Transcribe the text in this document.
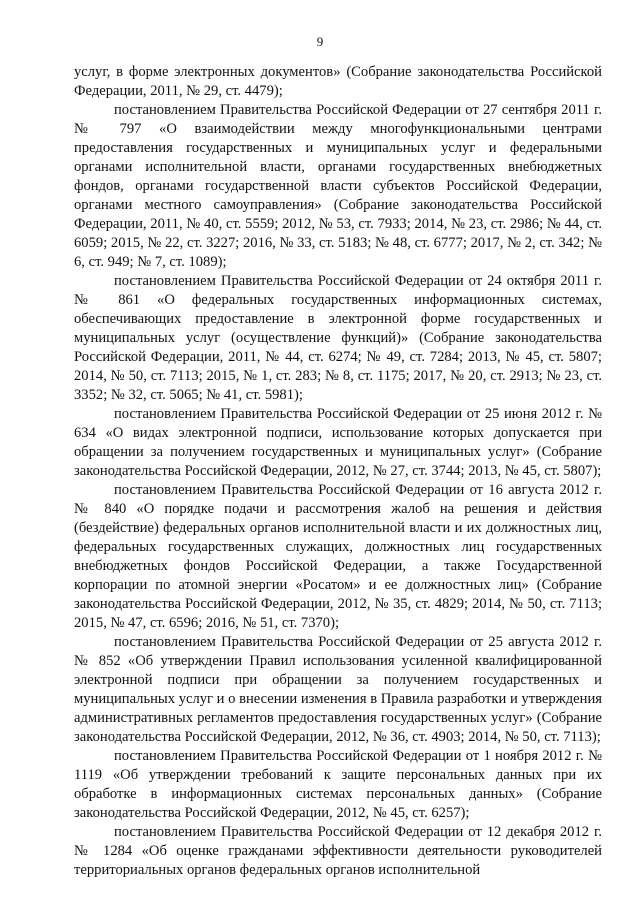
9

услуг, в форме электронных документов» (Собрание законодательства Российской Федерации, 2011, № 29, ст. 4479);

постановлением Правительства Российской Федерации от 27 сентября 2011 г. № 797 «О взаимодействии между многофункциональными центрами предоставления государственных и муниципальных услуг и федеральными органами исполнительной власти, органами государственных внебюджетных фондов, органами государственной власти субъектов Российской Федерации, органами местного самоуправления» (Собрание законодательства Российской Федерации, 2011, № 40, ст. 5559; 2012, № 53, ст. 7933; 2014, № 23, ст. 2986; № 44, ст. 6059; 2015, № 22, ст. 3227; 2016, № 33, ст. 5183; № 48, ст. 6777; 2017, № 2, ст. 342; № 6, ст. 949; № 7, ст. 1089);

постановлением Правительства Российской Федерации от 24 октября 2011 г. № 861 «О федеральных государственных информационных системах, обеспечивающих предоставление в электронной форме государственных и муниципальных услуг (осуществление функций)» (Собрание законодательства Российской Федерации, 2011, № 44, ст. 6274; № 49, ст. 7284; 2013, № 45, ст. 5807; 2014, № 50, ст. 7113; 2015, № 1, ст. 283; № 8, ст. 1175; 2017, № 20, ст. 2913; № 23, ст. 3352; № 32, ст. 5065; № 41, ст. 5981);

постановлением Правительства Российской Федерации от 25 июня 2012 г. № 634 «О видах электронной подписи, использование которых допускается при обращении за получением государственных и муниципальных услуг» (Собрание законодательства Российской Федерации, 2012, № 27, ст. 3744; 2013, № 45, ст. 5807);

постановлением Правительства Российской Федерации от 16 августа 2012 г. № 840 «О порядке подачи и рассмотрения жалоб на решения и действия (бездействие) федеральных органов исполнительной власти и их должностных лиц, федеральных государственных служащих, должностных лиц государственных внебюджетных фондов Российской Федерации, а также Государственной корпорации по атомной энергии «Росатом» и ее должностных лиц» (Собрание законодательства Российской Федерации, 2012, № 35, ст. 4829; 2014, № 50, ст. 7113; 2015, № 47, ст. 6596; 2016, № 51, ст. 7370);

постановлением Правительства Российской Федерации от 25 августа 2012 г. № 852 «Об утверждении Правил использования усиленной квалифицированной электронной подписи при обращении за получением государственных и муниципальных услуг и о внесении изменения в Правила разработки и утверждения административных регламентов предоставления государственных услуг» (Собрание законодательства Российской Федерации, 2012, № 36, ст. 4903; 2014, № 50, ст. 7113);

постановлением Правительства Российской Федерации от 1 ноября 2012 г. № 1119 «Об утверждении требований к защите персональных данных при их обработке в информационных системах персональных данных» (Собрание законодательства Российской Федерации, 2012, № 45, ст. 6257);

постановлением Правительства Российской Федерации от 12 декабря 2012 г. № 1284 «Об оценке гражданами эффективности деятельности руководителей территориальных органов федеральных органов исполнительной
